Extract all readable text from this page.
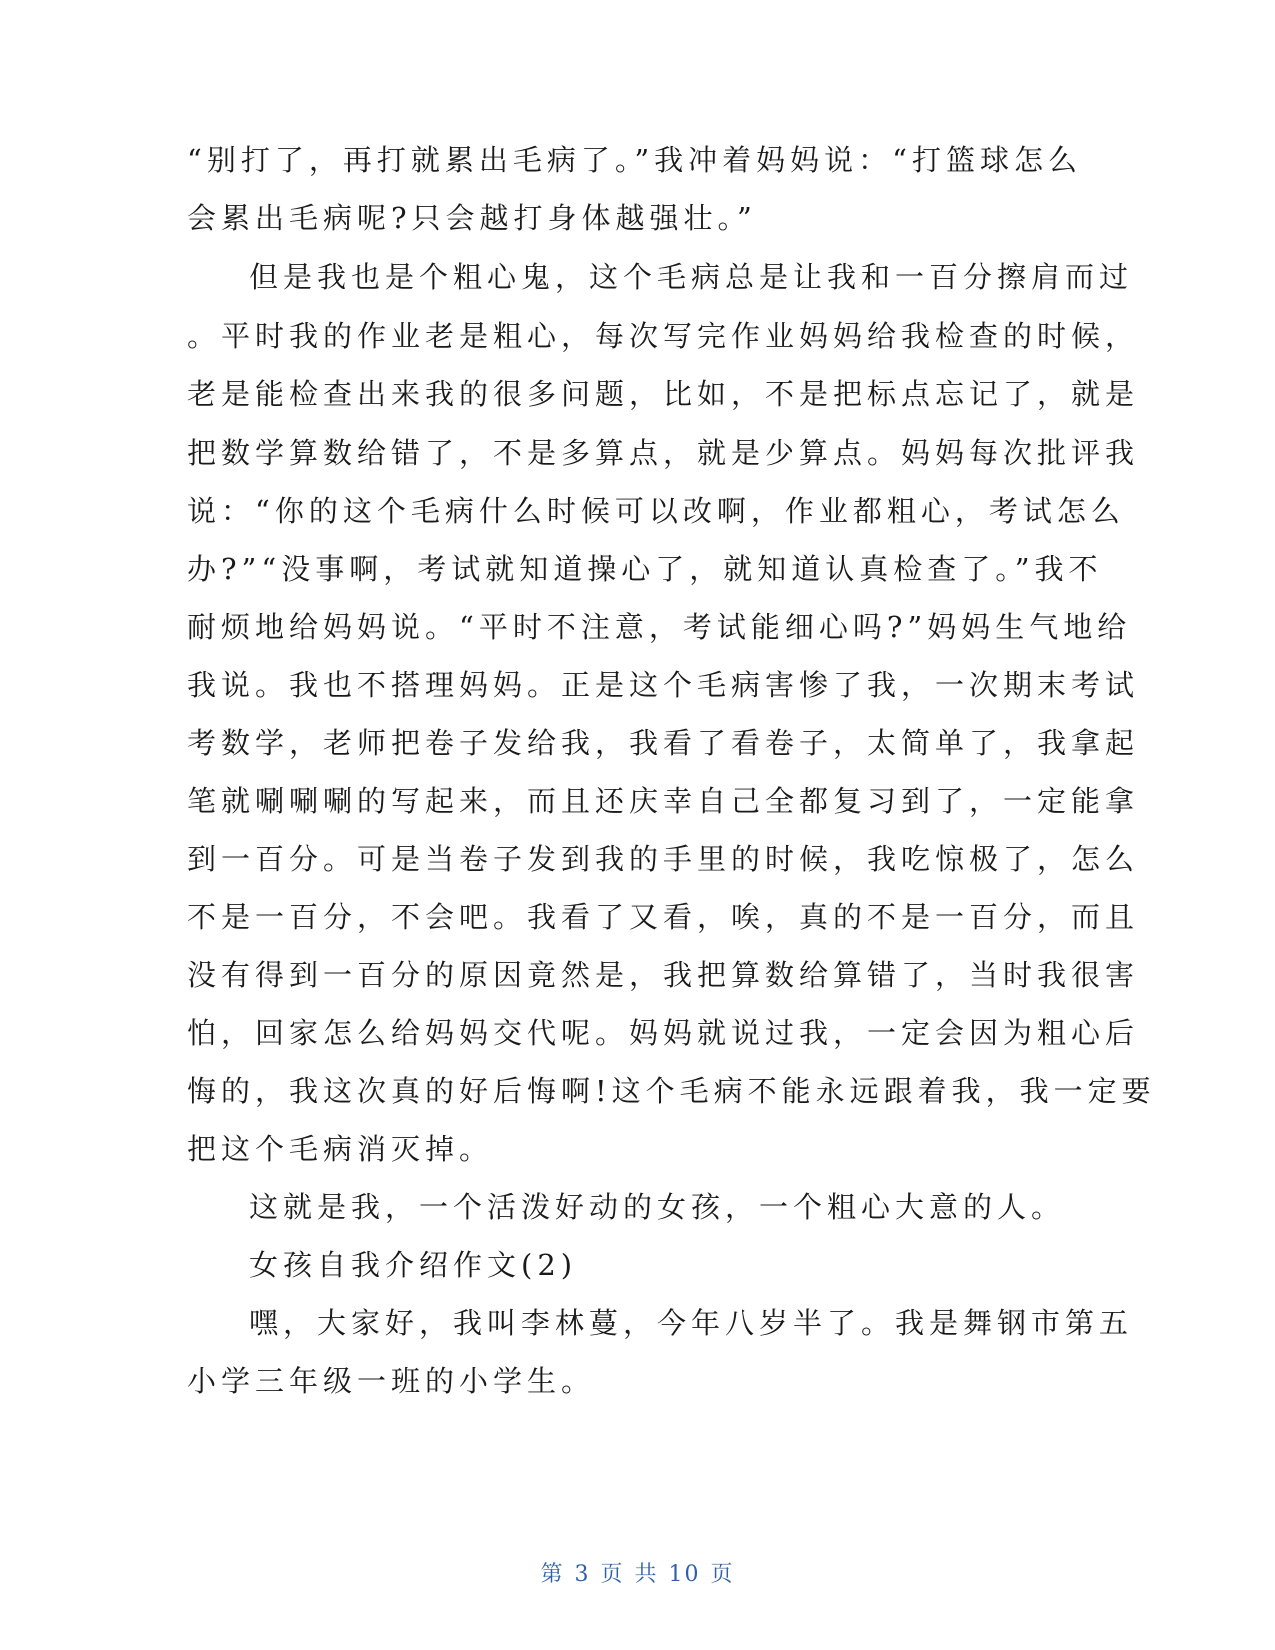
“别打了，再打就累出毛病了。”我冲着妈妈说：“打篮球怎么
会累出毛病呢?只会越打身体越强壮。”
但是我也是个粗心鬼，这个毛病总是让我和一百分擦肩而过
。平时我的作业老是粗心，每次写完作业妈妈给我检查的时候，
老是能检查出来我的很多问题，比如，不是把标点忘记了，就是
把数学算数给错了，不是多算点，就是少算点。妈妈每次批评我
说：“你的这个毛病什么时候可以改啊，作业都粗心，考试怎么
办?”“没事啊，考试就知道操心了，就知道认真检查了。”我不
耐烦地给妈妈说。“平时不注意，考试能细心吗?”妈妈生气地给
我说。我也不搭理妈妈。正是这个毛病害惨了我，一次期末考试
考数学，老师把卷子发给我，我看了看卷子，太简单了，我拿起
笔就唰唰唰的写起来，而且还庆幸自己全都复习到了，一定能拿
到一百分。可是当卷子发到我的手里的时候，我吃惊极了，怎么
不是一百分，不会吧。我看了又看，唉，真的不是一百分，而且
没有得到一百分的原因竟然是，我把算数给算错了，当时我很害
怕，回家怎么给妈妈交代呢。妈妈就说过我，一定会因为粗心后
悔的，我这次真的好后悔啊!这个毛病不能永远跟着我，我一定要
把这个毛病消灭掉。
这就是我，一个活泼好动的女孩，一个粗心大意的人。
女孩自我介绍作文(2)
嘿，大家好，我叫李林蔓，今年八岁半了。我是舞钢市第五
小学三年级一班的小学生。
第 3 页 共 10 页
